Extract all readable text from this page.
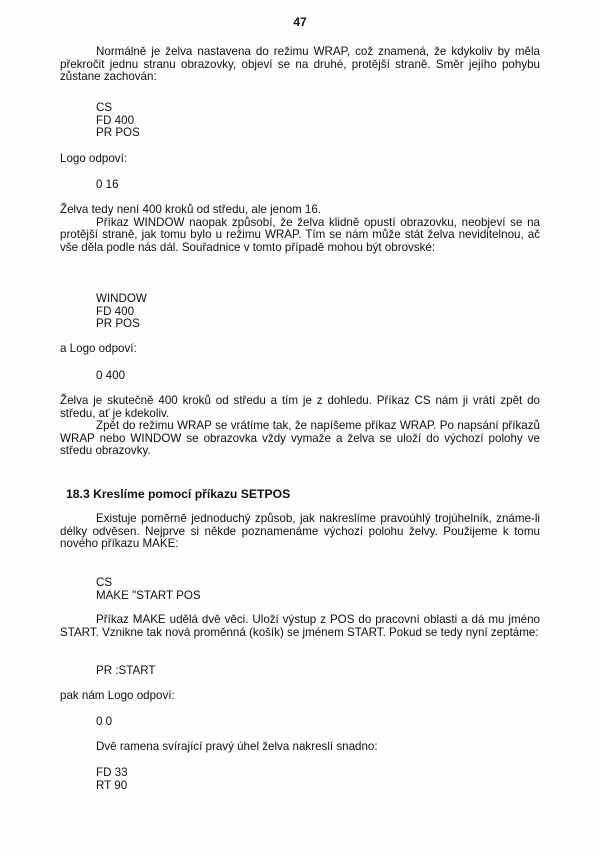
47

Normálně je želva nastavena do režimu WRAP, což znamená, že kdykoliv by měla překročit jednu stranu obrazovky, objeví se na druhé, protější straně. Směr jejího pohybu zůstane zachován:

CS
FD 400
PR POS
Logo odpoví:
0 16

Želva tedy není 400 kroků od středu, ale jenom 16.

Příkaz WINDOW naopak způsobí, že želva klidně opustí obrazovku, neobjeví se na protější straně, jak tomu bylo u režimu WRAP. Tím se nám může stát želva neviditelnou, ač vše děla podle nás dál. Souřadnice v tomto případě mohou být obrovské:

WINDOW
FD 400
PR POS
a Logo odpoví:
0 400

Želva je skutečně 400 kroků od středu a tím je z dohledu. Příkaz CS nám ji vrátí zpět do středu, ať je kdekoliv.

Zpět do režimu WRAP se vrátíme tak, že napíšeme příkaz WRAP. Po napsání příkazů WRAP nebo WINDOW se obrazovka vždy vymaže a želva se uloží do výchozí polohy ve středu obrazovky.

18.3 Kreslíme pomocí příkazu SETPOS

Existuje poměrně jednoduchý způsob, jak nakreslíme pravoúhlý trojúhelník, známe-li délky odvěsen. Nejprve si někde poznamenáme výchozí polohu želvy. Použijeme k tomu nového příkazu MAKE:

CS
MAKE "START POS

Příkaz MAKE udělá dvě věci. Uloží výstup z POS do pracovní oblasti a dá mu jméno START. Vznikne tak nová proměnná (košík) se jménem START. Pokud se tedy nyní zeptáme:

PR :START
pak nám Logo odpoví:
0 0
Dvě ramena svírající pravý úhel želva nakreslí snadno:
FD 33
RT 90
